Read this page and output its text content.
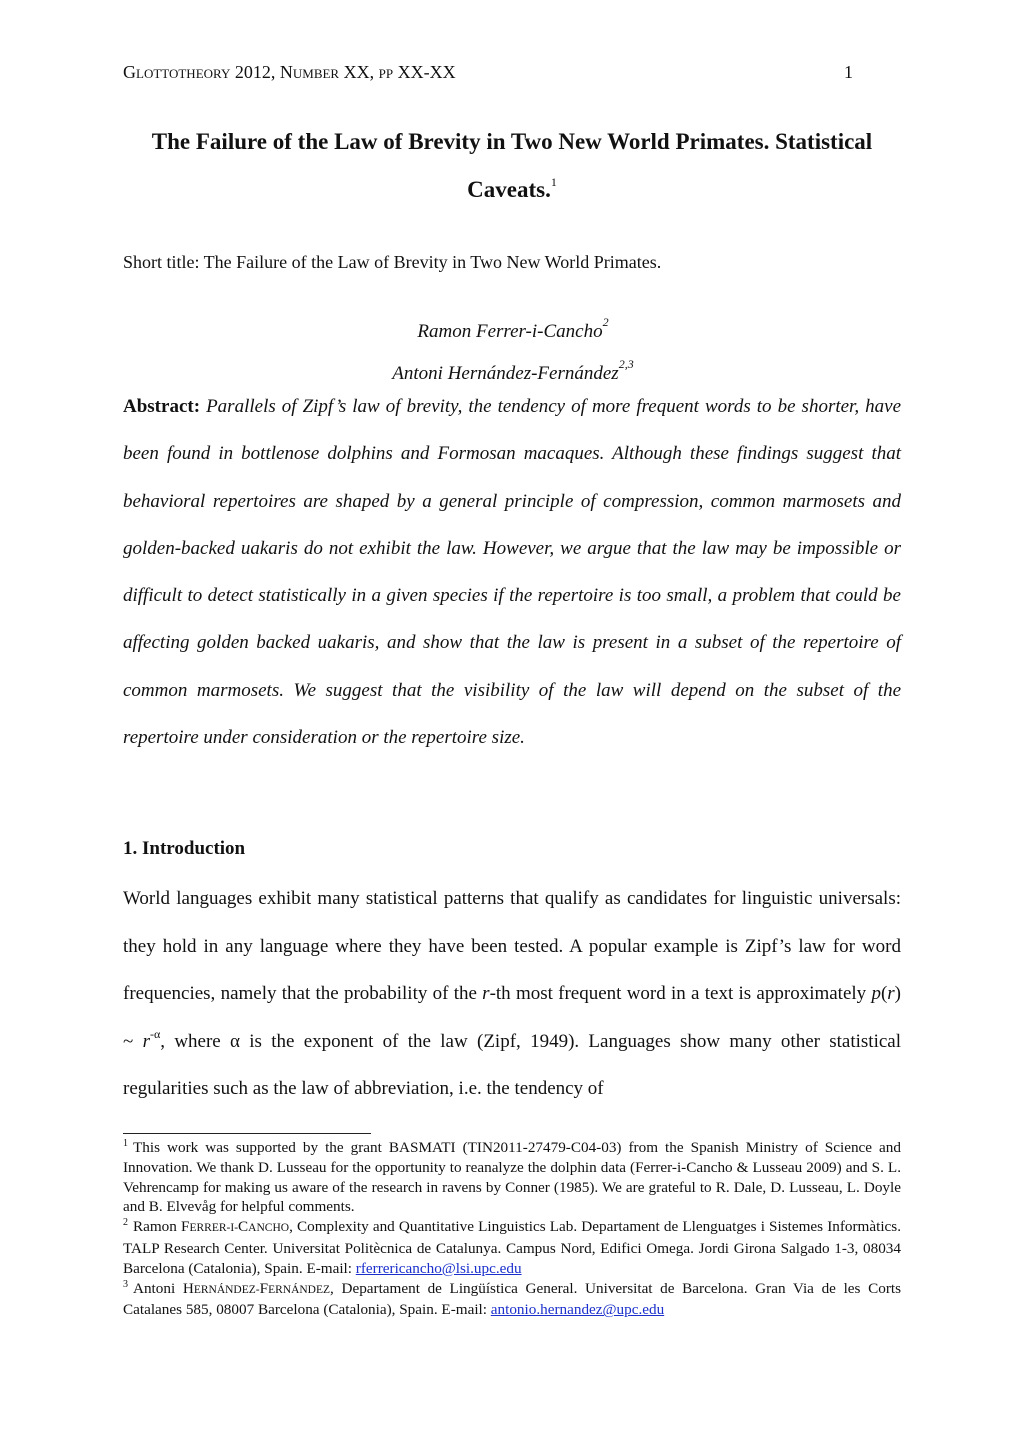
GLOTTOTHEORY 2012, NUMBER XX, PP XX-XX	1
The Failure of the Law of Brevity in Two New World Primates. Statistical Caveats.$^1$
Short title: The Failure of the Law of Brevity in Two New World Primates.
Ramon Ferrer-i-Cancho$^2$
Antoni Hernández-Fernández$^{2,3}$
Abstract: Parallels of Zipf’s law of brevity, the tendency of more frequent words to be shorter, have been found in bottlenose dolphins and Formosan macaques. Although these findings suggest that behavioral repertoires are shaped by a general principle of compression, common marmosets and golden-backed uakaris do not exhibit the law. However, we argue that the law may be impossible or difficult to detect statistically in a given species if the repertoire is too small, a problem that could be affecting golden backed uakaris, and show that the law is present in a subset of the repertoire of common marmosets. We suggest that the visibility of the law will depend on the subset of the repertoire under consideration or the repertoire size.
1. Introduction
World languages exhibit many statistical patterns that qualify as candidates for linguistic universals: they hold in any language where they have been tested. A popular example is Zipf’s law for word frequencies, namely that the probability of the r-th most frequent word in a text is approximately p(r) ~ $r^{-\alpha}$, where α is the exponent of the law (Zipf, 1949). Languages show many other statistical regularities such as the law of abbreviation, i.e. the tendency of

$^1$ This work was supported by the grant BASMATI (TIN2011-27479-C04-03) from the Spanish Ministry of Science and Innovation. We thank D. Lusseau for the opportunity to reanalyze the dolphin data (Ferrer-i-Cancho & Lusseau 2009) and S. L. Vehrencamp for making us aware of the research in ravens by Conner (1985). We are grateful to R. Dale, D. Lusseau, L. Doyle and B. Elvevåg for helpful comments.

$^2$ Ramon FERRER-I-CANCHO, Complexity and Quantitative Linguistics Lab. Departament de Llenguatges i Sistemes Informàtics. TALP Research Center. Universitat Politècnica de Catalunya. Campus Nord, Edifici Omega. Jordi Girona Salgado 1-3, 08034 Barcelona (Catalonia), Spain. E-mail: rferrericancho@lsi.upc.edu

$^3$ Antoni HERNÁNDEZ-FERNÁNDEZ, Departament de Lingüística General. Universitat de Barcelona. Gran Via de les Corts Catalanes 585, 08007 Barcelona (Catalonia), Spain. E-mail: antonio.hernandez@upc.edu
